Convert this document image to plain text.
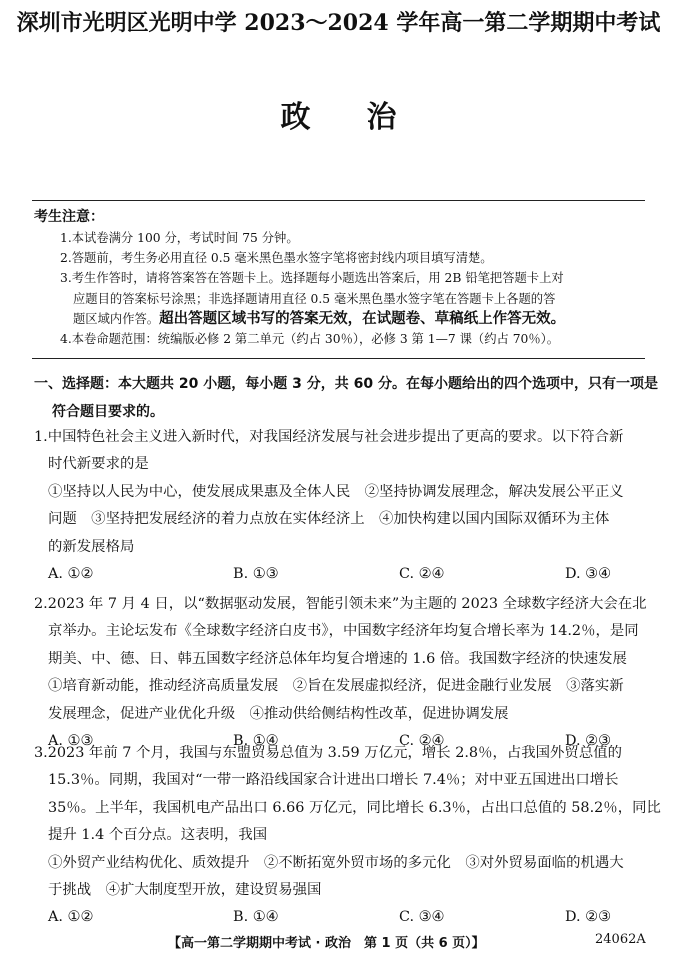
深圳市光明区光明中学 2023～2024 学年高一第二学期期中考试
政 治
考生注意：
1.本试卷满分 100 分，考试时间 75 分钟。
2.答题前，考生务必用直径 0.5 毫米黑色墨水签字笔将密封线内项目填写清楚。
3.考生作答时，请将答案答在答题卡上。选择题每小题选出答案后，用 2B 铅笔把答题卡上对
应题目的答案标号涂黑；非选择题请用直径 0.5 毫米黑色墨水签字笔在答题卡上各题的答
题区域内作答。超出答题区域书写的答案无效，在试题卷、草稿纸上作答无效。
4.本卷命题范围：统编版必修 2 第二单元（约占 30％），必修 3 第 1—7 课（约占 70％）。
一、选择题：本大题共 20 小题，每小题 3 分，共 60 分。在每小题给出的四个选项中，只有一项是
符合题目要求的。
1.中国特色社会主义进入新时代，对我国经济发展与社会进步提出了更高的要求。以下符合新
时代新要求的是
①坚持以人民为中心，使发展成果惠及全体人民　②坚持协调发展理念，解决发展公平正义
问题　③坚持把发展经济的着力点放在实体经济上　④加快构建以国内国际双循环为主体
的新发展格局
A. ①②	B. ①③	C. ②④	D. ③④
2.2023 年 7 月 4 日，以“数据驱动发展，智能引领未来”为主题的 2023 全球数字经济大会在北
京举办。主论坛发布《全球数字经济白皮书》，中国数字经济年均复合增长率为 14.2％，是同
期美、中、德、日、韩五国数字经济总体年均复合增速的 1.6 倍。我国数字经济的快速发展
①培育新动能，推动经济高质量发展　②旨在发展虚拟经济，促进金融行业发展　③落实新
发展理念，促进产业优化升级　④推动供给侧结构性改革，促进协调发展
A. ①③	B. ①④	C. ②④	D. ②③
3.2023 年前 7 个月，我国与东盟贸易总值为 3.59 万亿元，增长 2.8％，占我国外贸总值的
15.3％。同期，我国对“一带一路沿线国家合计进出口增长 7.4％；对中亚五国进出口增长
35％。上半年，我国机电产品出口 6.66 万亿元，同比增长 6.3％，占出口总值的 58.2％，同比
提升 1.4 个百分点。这表明，我国
①外贸产业结构优化、质效提升　②不断拓宽外贸市场的多元化　③对外贸易面临的机遇大
于挑战　④扩大制度型开放，建设贸易强国
A. ①②	B. ①④	C. ③④	D. ②③
【高一第二学期期中考试 · 政治　第 1 页（共 6 页）】	24062A
